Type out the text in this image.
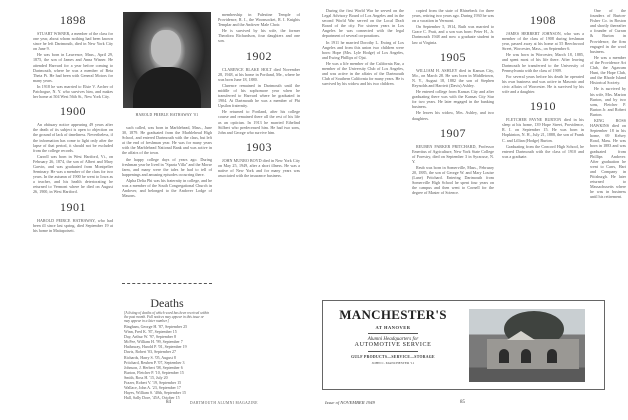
1898

STUART WISNER, a member of the class for one year, about whom nothing had been known since he left Dartmouth, died in New York City on June 9.

He was born in Lawrence, Mass., April 29, 1875, the son of James and Anna Wisner. He attended Harvard for a year before coming to Dartmouth, where he was a member of Beta Theta Pi. He had been with General Motors for many years.

In 1918 he was married to Elsie V. Archer of Patchogue, N. Y. who survives him, and makes her home at 504 West 56th St., New York City.

1900

An obituary notice appearing 49 years after the death of its subject is open to objection on the ground of lack of timeliness. Nevertheless, if the information has come to light only after the lapse of that period, it should not be excluded from the college records.

Carroll was born in West Hartford, Vt., on February 26, 1874, the son of Albert and Mary Garvin, and was graduated from Montpelier Seminary. He was a member of the class for two years. In the autumn of 1900 he went to Iowa as a teacher, and his health deteriorating he returned to Vermont where he died on August 26, 1900, in West Hartford.

1901

HAROLD PEIRCE HATHAWAY, who had been ill since last spring, died September 19 at his home in Mattapoisett.

HAROLD PREBLE HATHAWAY '01

such called, was born in Marblehead, Mass., June 30, 1879. He graduated from the Marblehead High School, and entered Dartmouth with the class, but left at the end of freshman year. He was for many years with the Marblehead National Bank and was active in the affairs of the town.

the happy college days of years ago. During freshman year he lived in "Sparta Villa" and the Morse farm, and many were the tales he had to tell of happenings and amusing episodes occurring there.

Alpha Delta Phi was his fraternity in college, and he was a member of the South Congregational Church in Andover, and belonged to the Andover Lodge of Masons.

Deaths
[A listing of deaths of which word has been received within the past month. Full notices may appear in this issue or may appear in a later number.]
Bingham, George H. '87, September 25
Winn, Fred K. '87, September 15
Day, Arthur W. '97, September 8
McFee, William H. '99, September 7
Hathaway, Harold P. '01, September 19
Davis, Robert '03, September 27
Richards, Harry S. '05, August 8
Pritchard, Reuben P. '07, September 3
Johnson, J. Herbert '08, September 6
Burton, Fletcher P. '10, September 15
Smith, Ross H. '15, July 20
Frazer, Robert V. '19, September 15
Wallace, John A. '23, September 17
Hayes, William S. '40th, September 15
Hall, Sally Dore, '45A, October 15

membership in Palestine Temple of Providence, R. I., the Woonsocket, R. I. Knights Templar and the Andover Male Choir.

He is survived by his wife, the former Theodora Richardson, four daughters and one son.

1902

CLARENCE BLAKE HOLT died November 28, 1948, at his home in Portland, Me., where he was born June 18, 1880.

Clarence remained in Dartmouth until the middle of his sophomore year when he transferred to Harvard where he graduated in 1904. At Dartmouth he was a member of Phi Upsilon fraternity.

He returned to Portland, after his college course and remained there all the rest of his life as an optician. In 1913 he married Ethelind Stilbert who predeceased him. He had two sons, John and George who survive him.

1903

JOHN MUNRO BOYD died in New York City on May 25, 1949, after a short illness. He was a native of New York and for many years was associated with the insurance business.

84	DARTMOUTH ALUMNI MAGAZINE

During the first World War he served on the Legal Advisory Board of Los Angeles and in the second World War served on the Local Draft Board of the city. For sixteen years in Los Angeles he was connected with the legal department of several corporations.

In 1911 he married Dorothy L. Ewing of Los Angeles and from this union two children were born: Hope (Mrs. Lyle Hodge) of Los Angeles, and Ewing Phillips of Ojai.

He was a life member of the California Bar, a member of the University Club of Los Angeles, and was active in the affairs of the Dartmouth Club of Southern California for many years. He is survived by his widow and his two children.

copied from the state of Rhinebeck for three years, retiring two years ago. During 1930 he was on a vacation in Vermont.

On September 5, 1914, Ruth was married to Grace C. Pratt, and a son was born: Peter H., Jr. Dartmouth 1948 and now a graduate student in law at Virginia.

1905

WILLIAM H. ASHLEY died in Kansas City, Mo., on March 28. He was born in Middletown, N. Y., August 18, 1882 the son of Stephen Reynolds and Harriett (Davis) Ashley.

He entered college from Kansas City and after graduating there was with the Kansas City Star for two years. He later engaged in the banking business.

He leaves his widow, Mrs. Ashley, and two daughters.

1907

REUBEN PARKER PRITCHARD, Professor Emeritus of Agriculture, New York State College of Forestry, died on September 3 in Syracuse, N. Y.

Reub was born in Somerville, Mass., February 20, 1885, the son of George W. and Mary Louise (Lane) Pritchard. Entering Dartmouth from Somerville High School he spent four years on the campus and then went to Cornell for the degree of Master of Science.

1908

JAMES HERBERT JOHNSON, who was a member of the class of 1908 during freshman year, passed away at his home at 55 Beechwood Street, Worcester, Mass., on September 6.

He was born in Worcester, March 18, 1885, and spent most of his life there. After leaving Dartmouth he transferred to the University of Pennsylvania with the class of 1909.

For several years before his death he operated his own business and was active in Masonic and civic affairs of Worcester. He is survived by his wife and a daughter.

1910

FLETCHER PAYNE BURTON died in his sleep at his home, 139 Hope Street, Providence, R. I. on September 15. He was born in Hopkinton, N. H., July 21, 1888, the son of Frank C. and Lillian (Hodge) Burton.

Graduating from the Concord High School, he entered Dartmouth with the class of 1910 and was a graduate.

One of the founders of Burton-Fisher Co. in Boston and shortly thereafter a founder of Curran & Burton in Providence, the firm engaged in the wool business.

He was a member of the Providence Art Club, the Agawam Hunt, the Hope Club, and the Rhode Island Historical Society.

He is survived by his wife, Mrs. Marion Burton, and by two sons, Fletcher P. Burton Jr. and Robert Burton.

KING ROSS HAWKINS died on September 18 in his home, 69 Kelsey Road, Mass. He was born in 1883 and was graduated from Phillips Andover. After graduation he went to Carrs, Hart and Company in Pittsburgh. He later returned to Massachusetts where he was in business until his retirement.

MANCHESTER'S
AT HANOVER
Alumni Headquarters for
AUTOMOTIVE SERVICE
GULF PRODUCTS—SERVICE—STORAGE
JOHN C. MANCHESTER '11
Issue of NOVEMBER 1949	85
